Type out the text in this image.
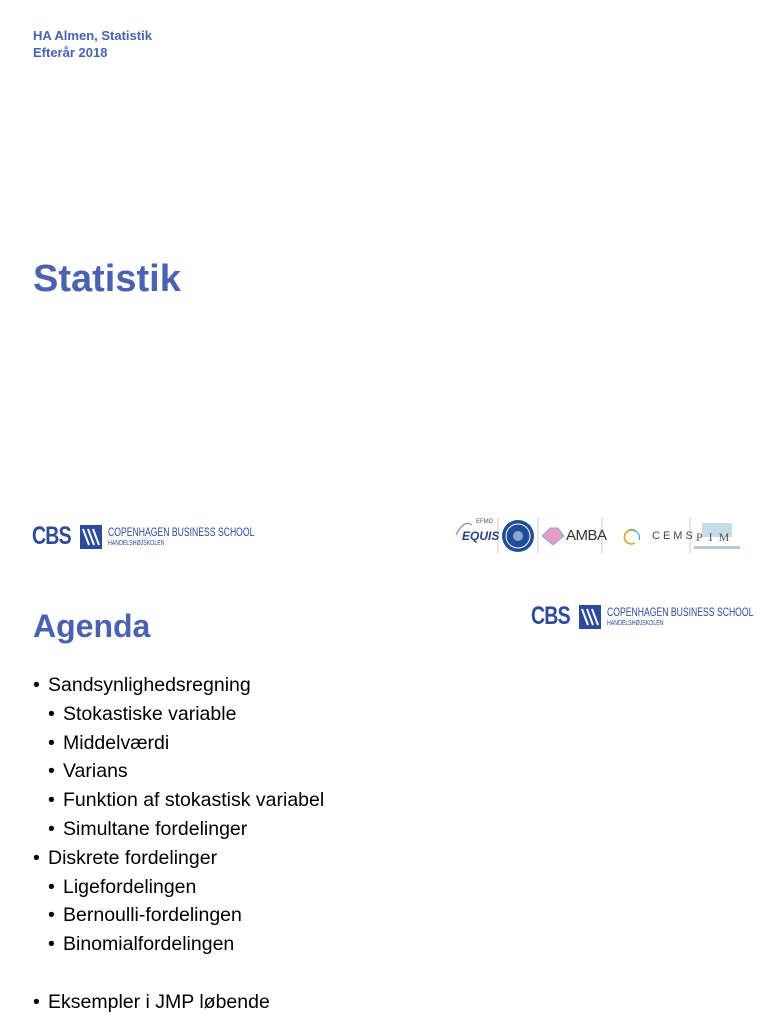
HA Almen, Statistik
Efterår 2018
Statistik
CBS	COPENHAGEN BUSINESS SCHOOL
HANDELSHØJSKOLEN
EFMD
EQUIS	AMBA	CEMS PIM
Agenda	CBS	COPENHAGEN BUSINESS SCHOOL
HANDELSHØJSKOLEN
• Sandsynlighedsregning
• Stokastiske variable
• Middelværdi
• Varians
• Funktion af stokastisk variabel
• Simultane fordelinger
• Diskrete fordelinger
• Ligefordelingen
• Bernoulli-fordelingen
• Binomialfordelingen
• Eksempler i JMP løbende
